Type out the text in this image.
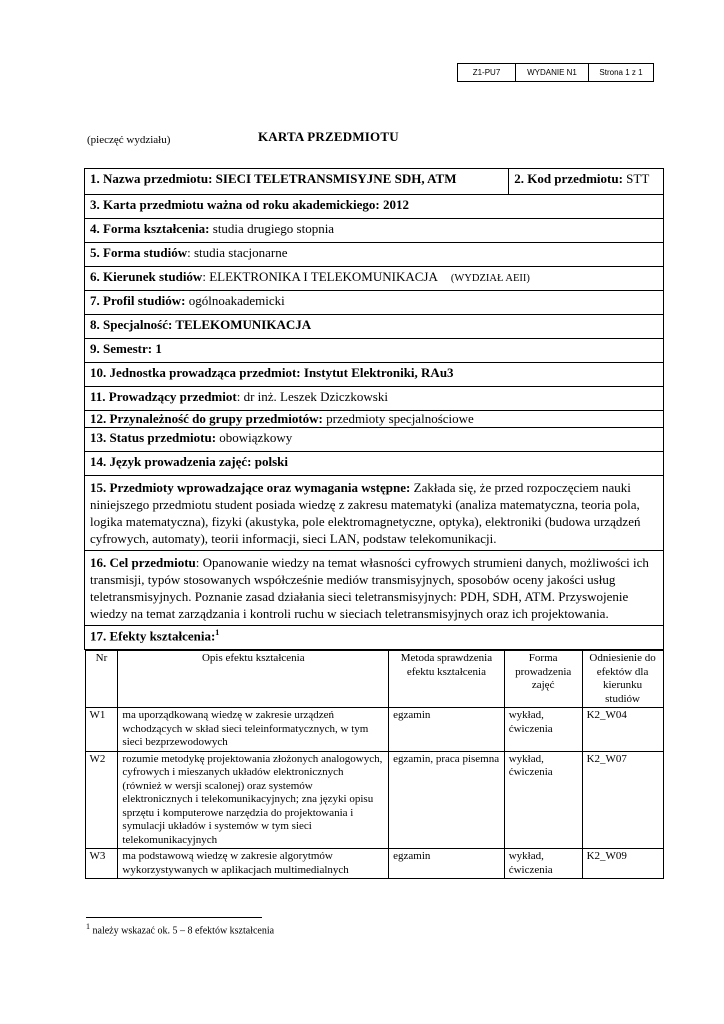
Z1-PU7	WYDANIE N1	Strona 1 z 1
(pieczęć wydziału)	KARTA PRZEDMIOTU
1. Nazwa przedmiotu: SIECI TELETRANSMISYJNE SDH, ATM	2. Kod przedmiotu: STT
3. Karta przedmiotu ważna od roku akademickiego: 2012
4. Forma kształcenia: studia drugiego stopnia
5. Forma studiów: studia stacjonarne
6. Kierunek studiów: ELEKTRONIKA I TELEKOMUNIKACJA (WYDZIAŁ AEII)
7. Profil studiów: ogólnoakademicki
8. Specjalność: TELEKOMUNIKACJA
9. Semestr: 1
10. Jednostka prowadząca przedmiot: Instytut Elektroniki, RAu3
11. Prowadzący przedmiot: dr inż. Leszek Dziczkowski
12. Przynależność do grupy przedmiotów: przedmioty specjalnościowe
13. Status przedmiotu: obowiązkowy
14. Język prowadzenia zajęć: polski
15. Przedmioty wprowadzające oraz wymagania wstępne: Zakłada się, że przed rozpoczęciem nauki niniejszego przedmiotu student posiada wiedzę z zakresu matematyki (analiza matematyczna, teoria pola, logika matematyczna), fizyki (akustyka, pole elektromagnetyczne, optyka), elektroniki (budowa urządzeń cyfrowych, automaty), teorii informacji, sieci LAN, podstaw telekomunikacji.
16. Cel przedmiotu: Opanowanie wiedzy na temat własności cyfrowych strumieni danych, możliwości ich transmisji, typów stosowanych współcześnie mediów transmisyjnych, sposobów oceny jakości usług teletransmisyjnych. Poznanie zasad działania sieci teletransmisyjnych: PDH, SDH, ATM. Przyswojenie wiedzy na temat zarządzania i kontroli ruchu w sieciach teletransmisyjnych oraz ich projektowania.
17. Efekty kształcenia:$^1$

Nr	Opis efektu kształcenia	Metoda sprawdzenia efektu kształcenia	Forma prowadzenia zajęć	Odniesienie do efektów dla kierunku studiów
W1	ma uporządkowaną wiedzę w zakresie urządzeń wchodzących w skład sieci teleinformatycznych, w tym sieci bezprzewodowych	egzamin	wykład, ćwiczenia	K2_W04
W2	rozumie metodykę projektowania złożonych analogowych, cyfrowych i mieszanych układów elektronicznych (również w wersji scalonej) oraz systemów elektronicznych i telekomunikacyjnych; zna języki opisu sprzętu i komputerowe narzędzia do projektowania i symulacji układów i systemów w tym sieci telekomunikacyjnych	egzamin, praca pisemna	wykład, ćwiczenia	K2_W07
W3	ma podstawową wiedzę w zakresie algorytmów wykorzystywanych w aplikacjach multimedialnych	egzamin	wykład, ćwiczenia	K2_W09
$^1$ należy wskazać ok. 5 – 8 efektów kształcenia
